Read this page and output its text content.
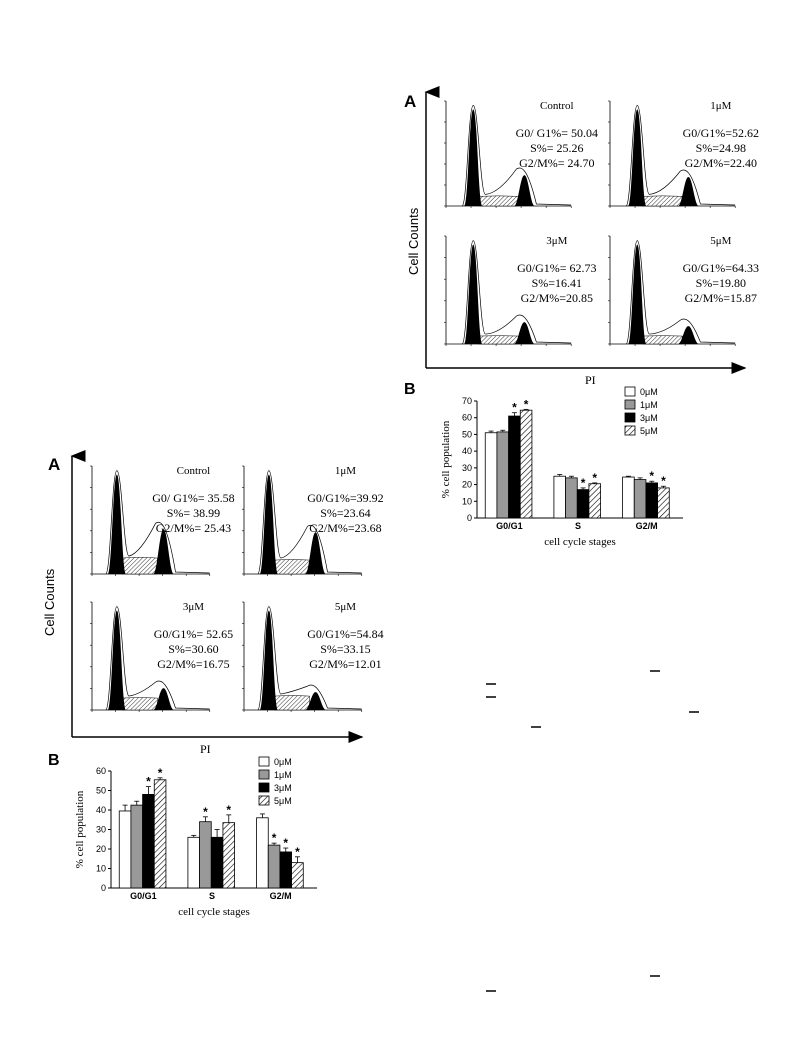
A
Cell Counts
PI
Control
G0/ G1%= 50.04
S%= 25.26
G2/M%= 24.70
1μM
G0/G1%=52.62
S%=24.98
G2/M%=22.40
3μM
G0/G1%= 62.73
S%=16.41
G2/M%=20.85
5μM
G0/G1%=64.33
S%=19.80
G2/M%=15.87
B
0
10
20
30
40
50
60
70
% cell population
cell cycle stages
* *
G0/G1
* *
S
* *
G2/M
0μM
1μM
3μM
5μM
A
Cell Counts
PI
Control
G0/ G1%= 35.58
S%= 38.99
G2/M%= 25.43
1μM
G0/G1%=39.92
S%=23.64
G2/M%=23.68
3μM
G0/G1%= 52.65
S%=30.60
G2/M%=16.75
5μM
G0/G1%=54.84
S%=33.15
G2/M%=12.01
B
0
10
20
30
40
50
60
% cell population
cell cycle stages
*
*
G0/G1
* *
S
* *
*
G2/M
0μM
1μM
3μM
5μM
